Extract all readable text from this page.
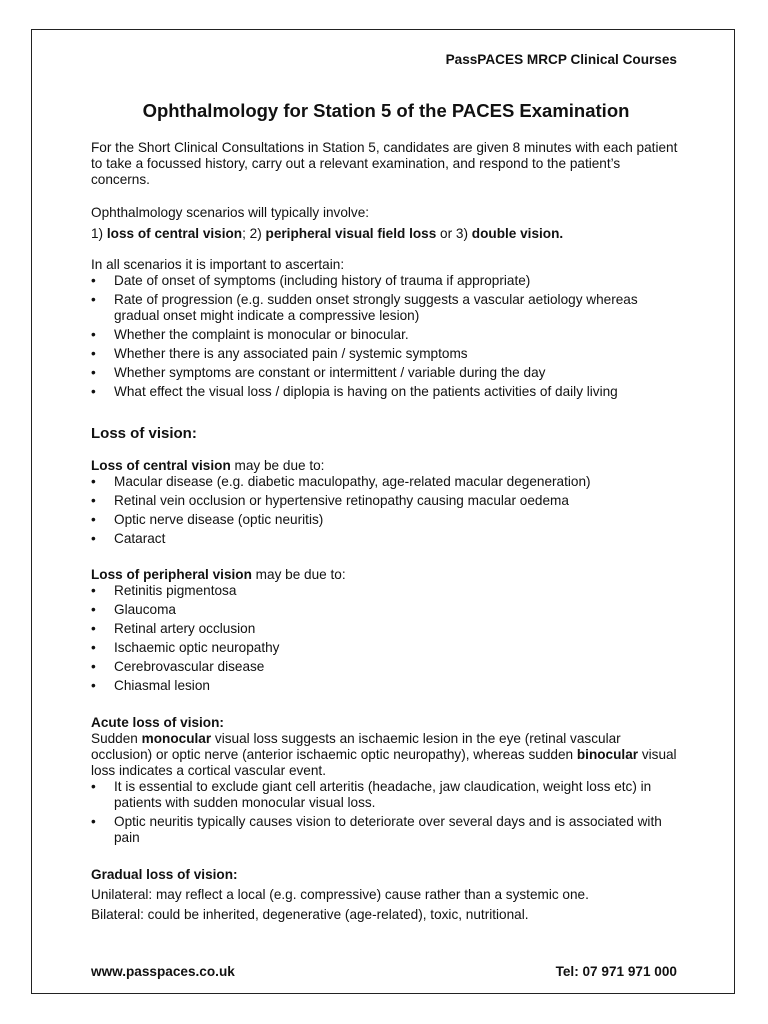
PassPACES MRCP Clinical Courses
Ophthalmology for Station 5 of the PACES Examination

For the Short Clinical Consultations in Station 5, candidates are given 8 minutes with each patient to take a focussed history, carry out a relevant examination, and respond to the patient’s concerns.

Ophthalmology scenarios will typically involve:

1) loss of central vision; 2) peripheral visual field loss or 3) double vision.

In all scenarios it is important to ascertain:
• Date of onset of symptoms (including history of trauma if appropriate)
• Rate of progression (e.g. sudden onset strongly suggests a vascular aetiology whereas gradual onset might indicate a compressive lesion)
• Whether the complaint is monocular or binocular.
• Whether there is any associated pain / systemic symptoms
• Whether symptoms are constant or intermittent / variable during the day
• What effect the visual loss / diplopia is having on the patients activities of daily living
Loss of vision:
Loss of central vision may be due to:
• Macular disease (e.g. diabetic maculopathy, age-related macular degeneration)
• Retinal vein occlusion or hypertensive retinopathy causing macular oedema
• Optic nerve disease (optic neuritis)
• Cataract
Loss of peripheral vision may be due to:
• Retinitis pigmentosa
• Glaucoma
• Retinal artery occlusion
• Ischaemic optic neuropathy
• Cerebrovascular disease
• Chiasmal lesion
Acute loss of vision:
Sudden monocular visual loss suggests an ischaemic lesion in the eye (retinal vascular occlusion) or optic nerve (anterior ischaemic optic neuropathy), whereas sudden binocular visual loss indicates a cortical vascular event.
• It is essential to exclude giant cell arteritis (headache, jaw claudication, weight loss etc) in patients with sudden monocular visual loss.
• Optic neuritis typically causes vision to deteriorate over several days and is associated with pain
Gradual loss of vision:
Unilateral: may reflect a local (e.g. compressive) cause rather than a systemic one.
Bilateral: could be inherited, degenerative (age-related), toxic, nutritional.
www.passpaces.co.uk	Tel: 07 971 971 000
